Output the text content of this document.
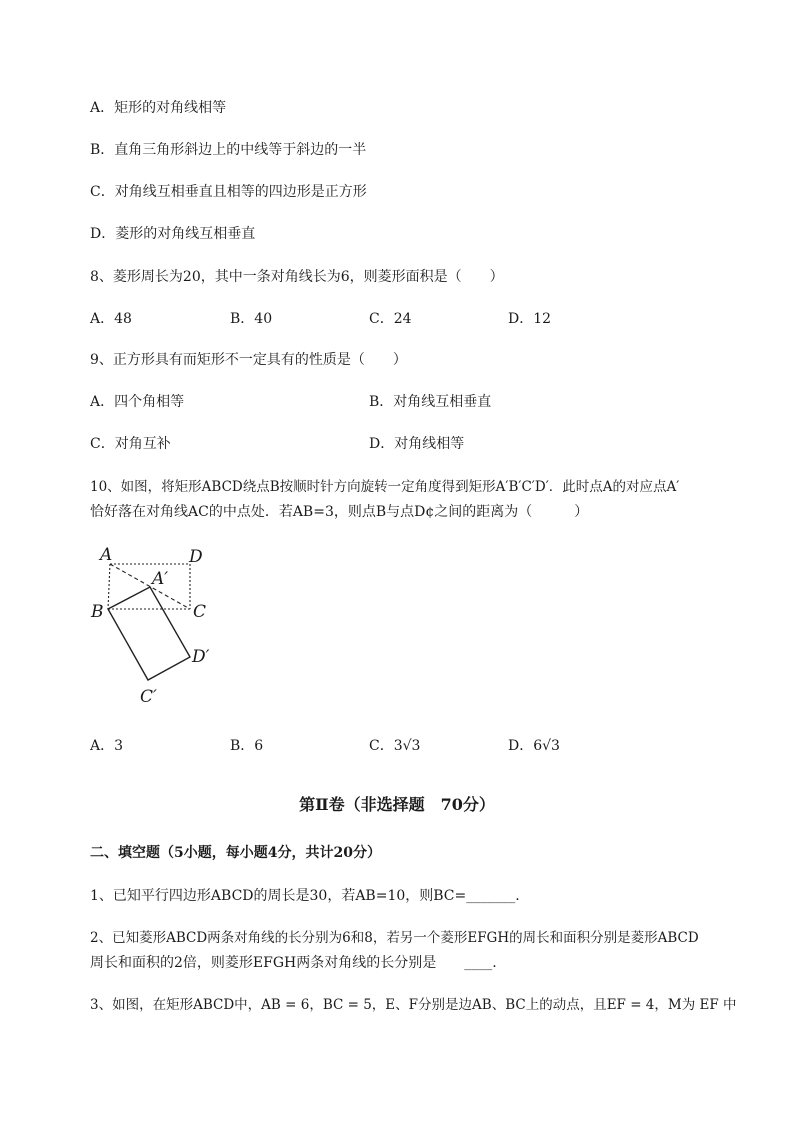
A．矩形的对角线相等
B．直角三角形斜边上的中线等于斜边的一半
C．对角线互相垂直且相等的四边形是正方形
D．菱形的对角线互相垂直
8、菱形周长为20，其中一条对角线长为6，则菱形面积是（　　）
A．48	B．40	C．24	D．12
9、正方形具有而矩形不一定具有的性质是（　　）
A．四个角相等	B．对角线互相垂直
C．对角互补	D．对角线相等
10、如图，将矩形ABCD绕点B按顺时针方向旋转一定角度得到矩形A′B′C′D′．此时点A的对应点A′
恰好落在对角线AC的中点处．若AB=3，则点B与点D¢之间的距离为（　　　）
A	D
A′
B	C
D′
C′
A．3	B．6	C．3√3	D．6√3
第Ⅱ卷（非选择题　70分）
二、填空题（5小题，每小题4分，共计20分）
1、已知平行四边形ABCD的周长是30，若AB=10，则BC=_______.
2、已知菱形ABCD两条对角线的长分别为6和8，若另一个菱形EFGH的周长和面积分别是菱形ABCD
周长和面积的2倍，则菱形EFGH两条对角线的长分别是　　____.
3、如图，在矩形ABCD中，AB = 6，BC = 5，E、F分别是边AB、BC上的动点，且EF = 4，M为 EF 中
